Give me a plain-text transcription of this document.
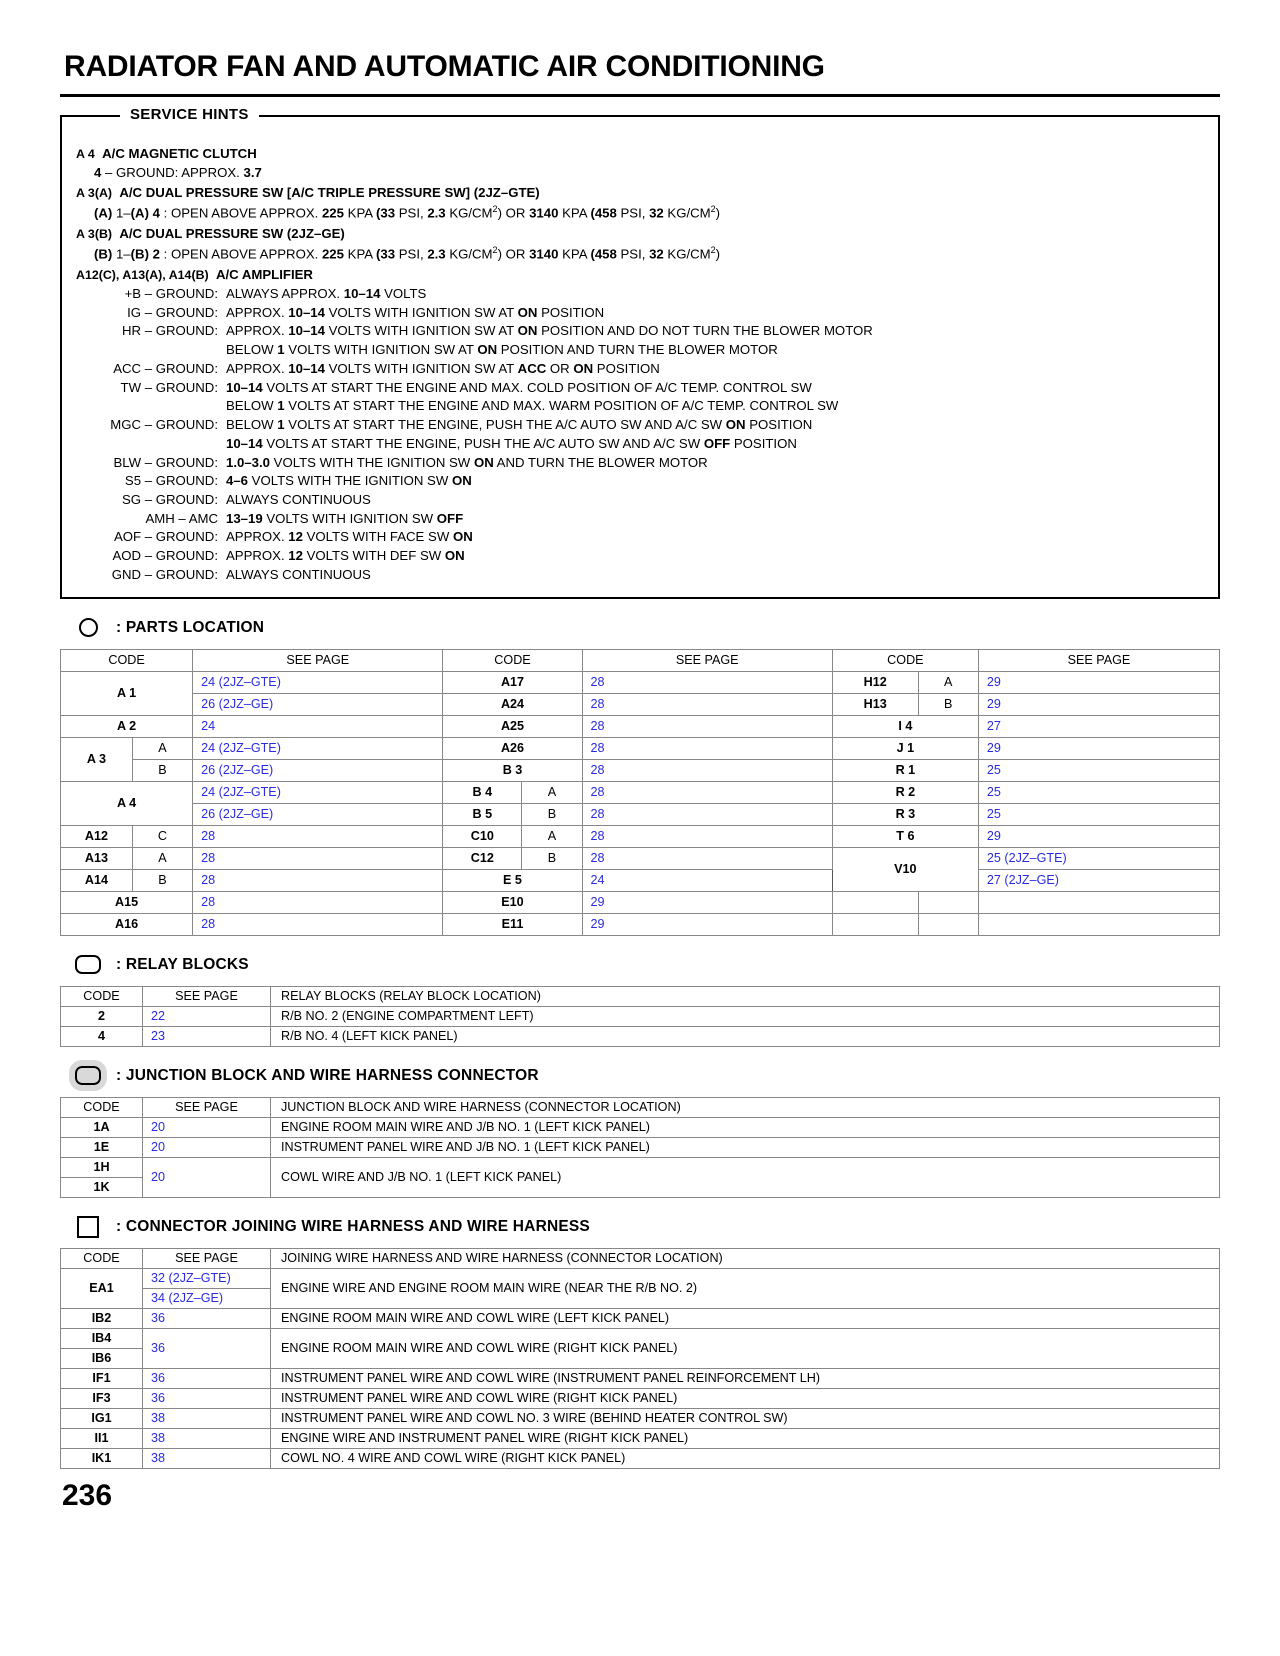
RADIATOR FAN AND AUTOMATIC AIR CONDITIONING
SERVICE HINTS
A 4  A/C MAGNETIC CLUTCH
4 – GROUND: APPROX. 3.7
A 3(A)  A/C DUAL PRESSURE SW [A/C TRIPLE PRESSURE SW] (2JZ–GTE)
(A) 1–(A) 4 : OPEN ABOVE APPROX. 225 KPA (33 PSI, 2.3 $KG/CM^2$) OR 3140 KPA (458 PSI, 32 $KG/CM^2$)
A 3(B)  A/C DUAL PRESSURE SW (2JZ–GE)
(B) 1–(B) 2 : OPEN ABOVE APPROX. 225 KPA (33 PSI, 2.3 $KG/CM^2$) OR 3140 KPA (458 PSI, 32 $KG/CM^2$)
A12(C), A13(A), A14(B)  A/C AMPLIFIER
+B – GROUND: ALWAYS APPROX. 10–14 VOLTS
IG – GROUND: APPROX. 10–14 VOLTS WITH IGNITION SW AT ON POSITION
HR – GROUND: APPROX. 10–14 VOLTS WITH IGNITION SW AT ON POSITION AND DO NOT TURN THE BLOWER MOTOR
BELOW 1 VOLTS WITH IGNITION SW AT ON POSITION AND TURN THE BLOWER MOTOR
ACC – GROUND: APPROX. 10–14 VOLTS WITH IGNITION SW AT ACC OR ON POSITION
TW – GROUND: 10–14 VOLTS AT START THE ENGINE AND MAX. COLD POSITION OF A/C TEMP. CONTROL SW
BELOW 1 VOLTS AT START THE ENGINE AND MAX. WARM POSITION OF A/C TEMP. CONTROL SW
MGC – GROUND: BELOW 1 VOLTS AT START THE ENGINE, PUSH THE A/C AUTO SW AND A/C SW ON POSITION
10–14 VOLTS AT START THE ENGINE, PUSH THE A/C AUTO SW AND A/C SW OFF POSITION
BLW – GROUND: 1.0–3.0 VOLTS WITH THE IGNITION SW ON AND TURN THE BLOWER MOTOR
S5 – GROUND: 4–6 VOLTS WITH THE IGNITION SW ON
SG – GROUND: ALWAYS CONTINUOUS
AMH – AMC 13–19 VOLTS WITH IGNITION SW OFF
AOF – GROUND: APPROX. 12 VOLTS WITH FACE SW ON
AOD – GROUND: APPROX. 12 VOLTS WITH DEF SW ON
GND – GROUND: ALWAYS CONTINUOUS
: PARTS LOCATION
CODE		SEE PAGE	CODE		SEE PAGE	CODE		SEE PAGE
A 1		24 (2JZ–GTE)	A17		28	H12	A	29
		26 (2JZ–GE)	A24		28	H13	B	29
A 2		24	A25		28	I 4		27
A 3	A	24 (2JZ–GTE)	A26		28	J 1		29
	B	26 (2JZ–GE)	B 3		28	R 1		25
A 4		24 (2JZ–GTE)	B 4	A	28	R 2		25
		26 (2JZ–GE)	B 5	B	28	R 3		25
A12	C	28	C10	A	28	T 6		29
A13	A	28	C12	B	28	V10		25 (2JZ–GTE)
A14	B	28	E 5		24			27 (2JZ–GE)
A15		28	E10		29			
A16		28	E11		29			
: RELAY BLOCKS
CODE	SEE PAGE	RELAY BLOCKS (RELAY BLOCK LOCATION)
2	22	R/B NO. 2 (ENGINE COMPARTMENT LEFT)
4	23	R/B NO. 4 (LEFT KICK PANEL)
: JUNCTION BLOCK AND WIRE HARNESS CONNECTOR
CODE	SEE PAGE	JUNCTION BLOCK AND WIRE HARNESS (CONNECTOR LOCATION)
1A	20	ENGINE ROOM MAIN WIRE AND J/B NO. 1 (LEFT KICK PANEL)
1E	20	INSTRUMENT PANEL WIRE AND J/B NO. 1 (LEFT KICK PANEL)
1H	20	COWL WIRE AND J/B NO. 1 (LEFT KICK PANEL)
1K		
: CONNECTOR JOINING WIRE HARNESS AND WIRE HARNESS
CODE	SEE PAGE	JOINING WIRE HARNESS AND WIRE HARNESS (CONNECTOR LOCATION)
EA1	32 (2JZ–GTE)	ENGINE WIRE AND ENGINE ROOM MAIN WIRE (NEAR THE R/B NO. 2)
	34 (2JZ–GE)	
IB2	36	ENGINE ROOM MAIN WIRE AND COWL WIRE (LEFT KICK PANEL)
IB4	36	ENGINE ROOM MAIN WIRE AND COWL WIRE (RIGHT KICK PANEL)
IB6		
IF1	36	INSTRUMENT PANEL WIRE AND COWL WIRE (INSTRUMENT PANEL REINFORCEMENT LH)
IF3	36	INSTRUMENT PANEL WIRE AND COWL WIRE (RIGHT KICK PANEL)
IG1	38	INSTRUMENT PANEL WIRE AND COWL NO. 3 WIRE (BEHIND HEATER CONTROL SW)
II1	38	ENGINE WIRE AND INSTRUMENT PANEL WIRE (RIGHT KICK PANEL)
IK1	38	COWL NO. 4 WIRE AND COWL WIRE (RIGHT KICK PANEL)
236
